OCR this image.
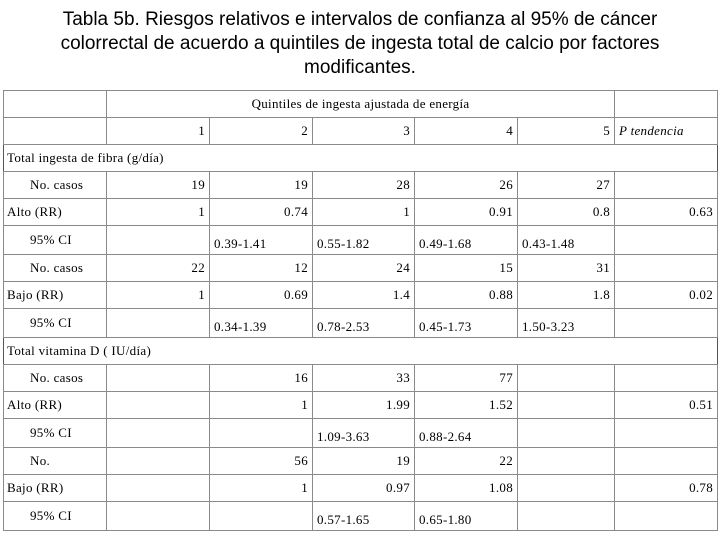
Tabla 5b. Riesgos relativos e intervalos de confianza al 95% de cáncer
colorrectal de acuerdo a quintiles de ingesta total de calcio por factores
modificantes.
	Quintiles de ingesta ajustada de energía					
	1	2	3	4	5	P tendencia
Total ingesta de fibra (g/día)						
No. casos	19	19	28	26	27	
Alto (RR)	1	0.74	1	0.91	0.8	0.63
95% CI		0.39-1.41	0.55-1.82	0.49-1.68	0.43-1.48	
No. casos	22	12	24	15	31	
Bajo (RR)	1	0.69	1.4	0.88	1.8	0.02
95% CI		0.34-1.39	0.78-2.53	0.45-1.73	1.50-3.23	
Total vitamina D ( IU/día)						
No. casos		16	33	77		
Alto (RR)		1	1.99	1.52		0.51
95% CI			1.09-3.63	0.88-2.64		
No.		56	19	22		
Bajo (RR)		1	0.97	1.08		0.78
95% CI			0.57-1.65	0.65-1.80		
